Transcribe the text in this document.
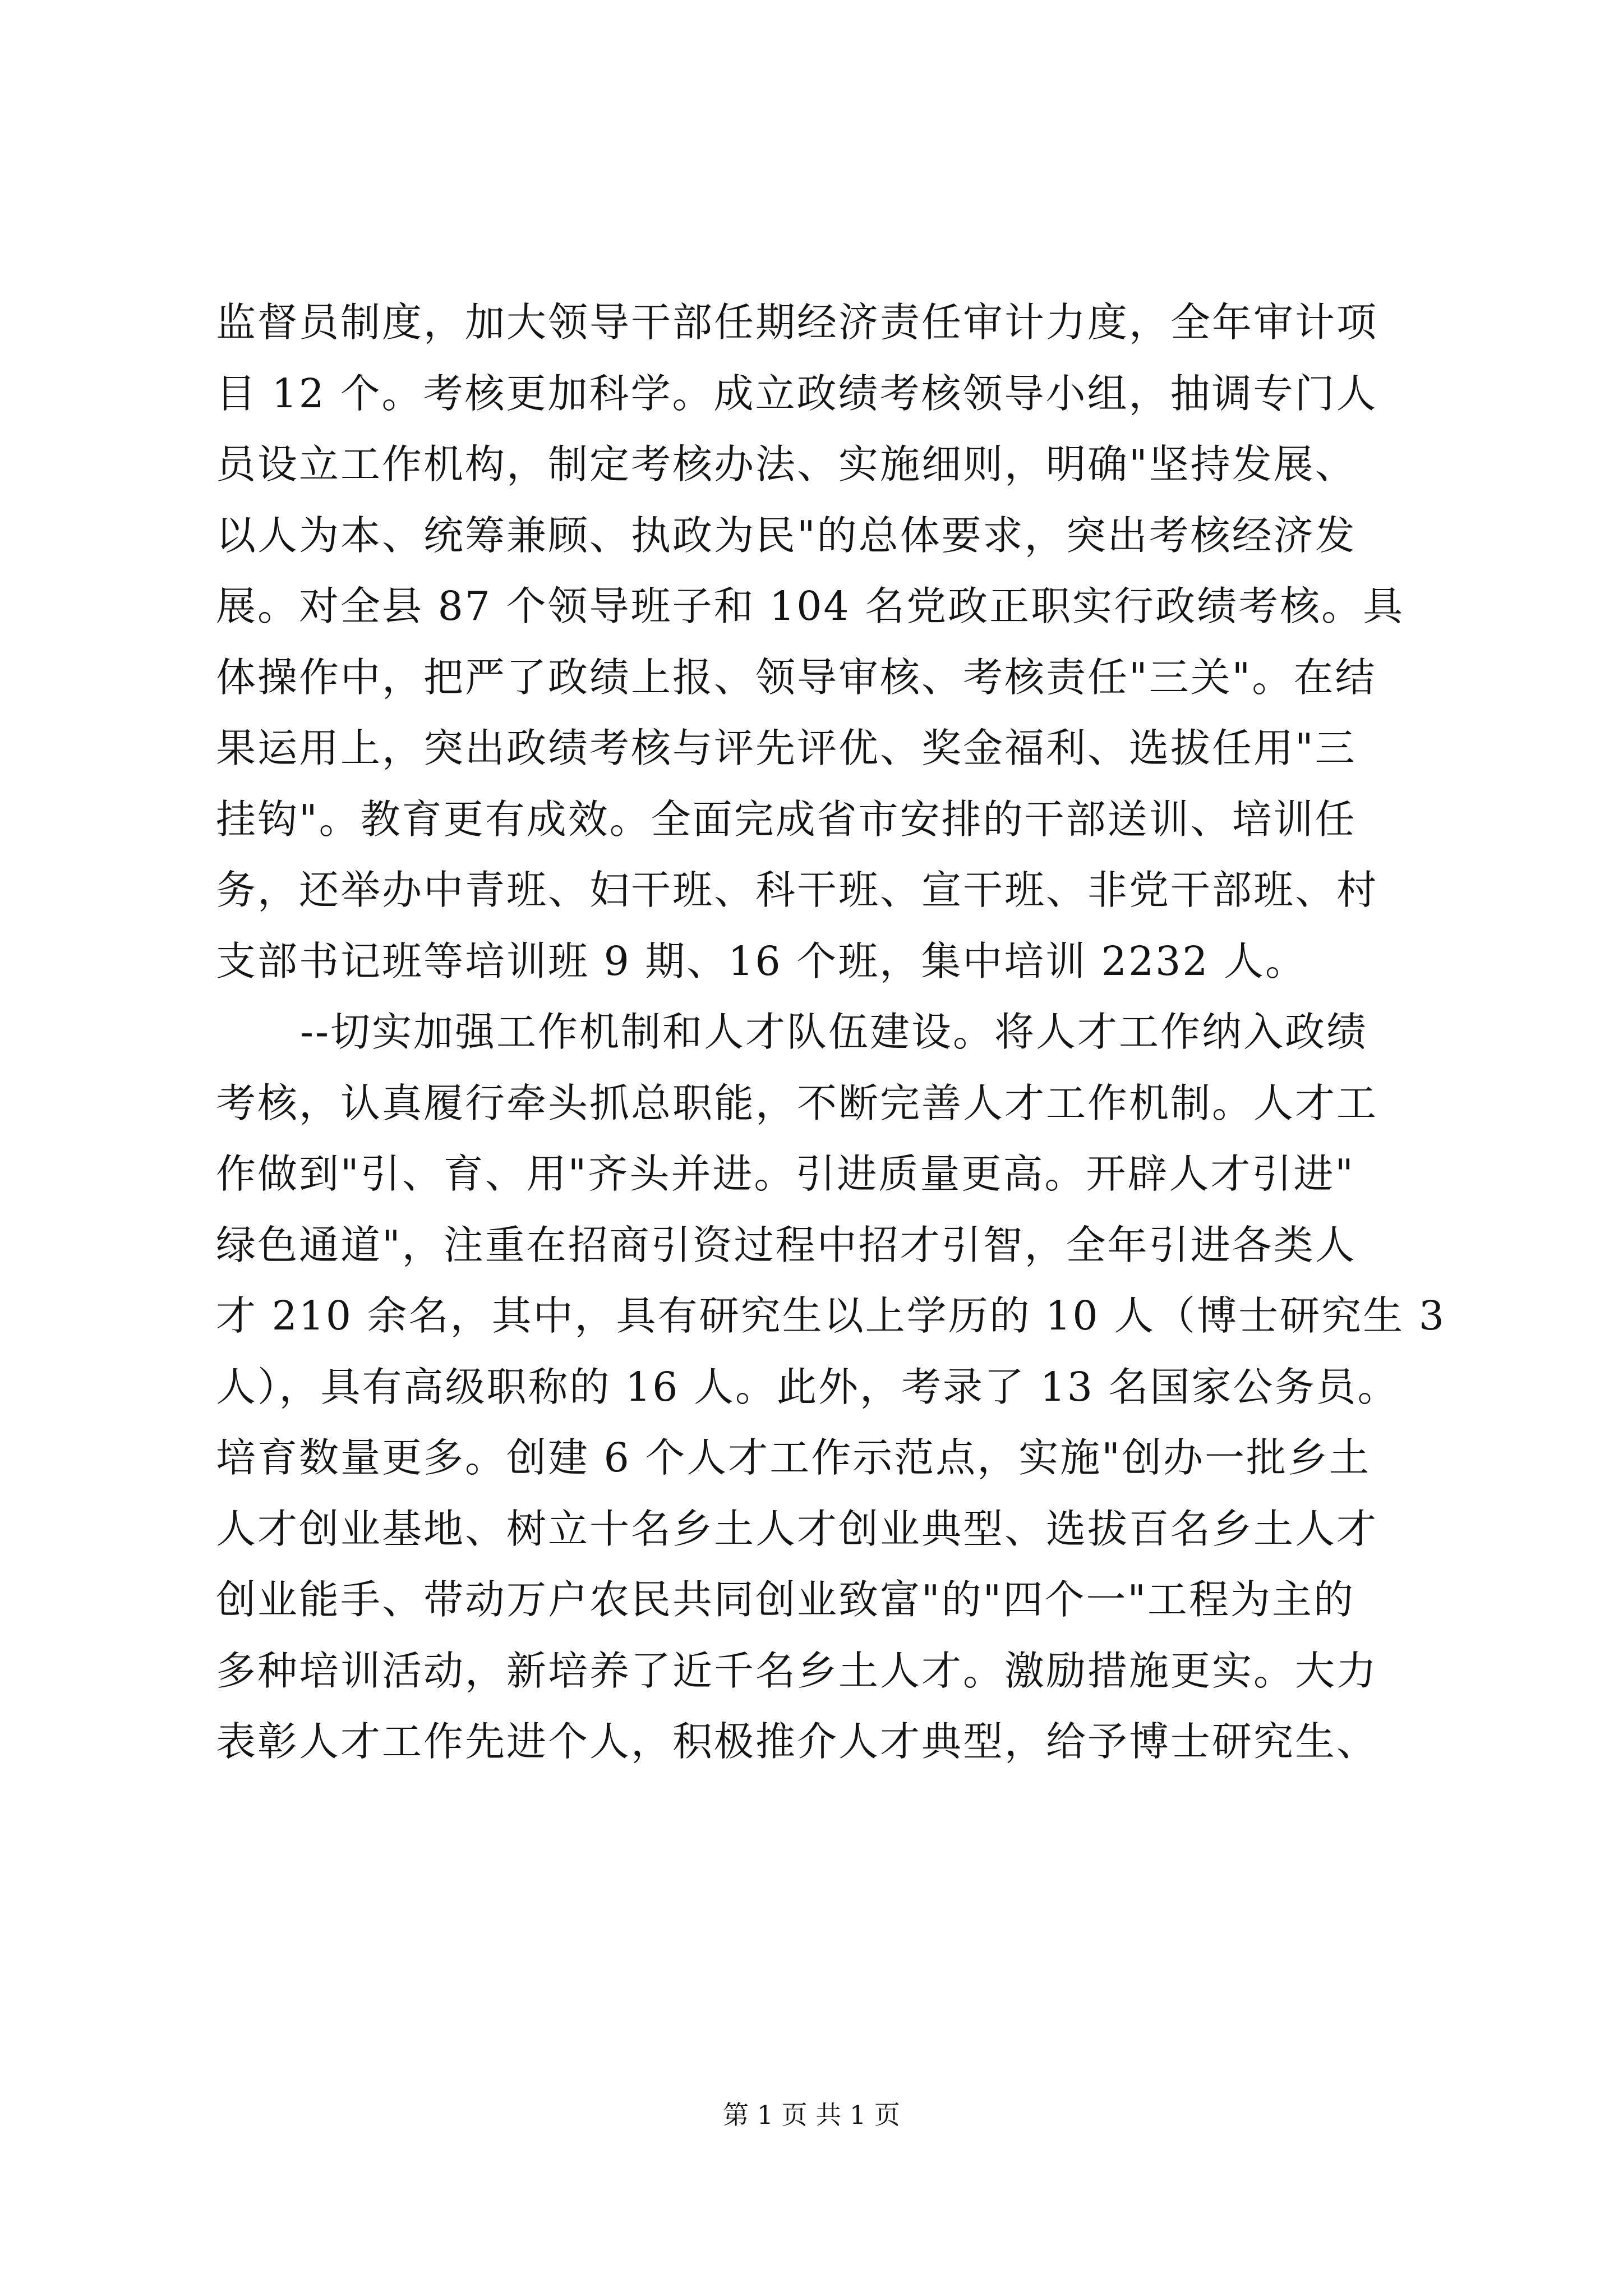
监督员制度，加大领导干部任期经济责任审计力度，全年审计项
目 12 个。考核更加科学。成立政绩考核领导小组，抽调专门人
员设立工作机构，制定考核办法、实施细则，明确"坚持发展、
以人为本、统筹兼顾、执政为民"的总体要求，突出考核经济发
展。对全县 87 个领导班子和 104 名党政正职实行政绩考核。具
体操作中，把严了政绩上报、领导审核、考核责任"三关"。在结
果运用上，突出政绩考核与评先评优、奖金福利、选拔任用"三
挂钩"。教育更有成效。全面完成省市安排的干部送训、培训任
务，还举办中青班、妇干班、科干班、宣干班、非党干部班、村
支部书记班等培训班 9 期、16 个班，集中培训 2232 人。
--切实加强工作机制和人才队伍建设。将人才工作纳入政绩
考核，认真履行牵头抓总职能，不断完善人才工作机制。人才工
作做到"引、育、用"齐头并进。引进质量更高。开辟人才引进"
绿色通道"，注重在招商引资过程中招才引智，全年引进各类人
才 210 余名，其中，具有研究生以上学历的 10 人（博士研究生 3
人），具有高级职称的 16 人。此外，考录了 13 名国家公务员。
培育数量更多。创建 6 个人才工作示范点，实施"创办一批乡土
人才创业基地、树立十名乡土人才创业典型、选拔百名乡土人才
创业能手、带动万户农民共同创业致富"的"四个一"工程为主的
多种培训活动，新培养了近千名乡土人才。激励措施更实。大力
表彰人才工作先进个人，积极推介人才典型，给予博士研究生、
第 1 页 共 1 页
